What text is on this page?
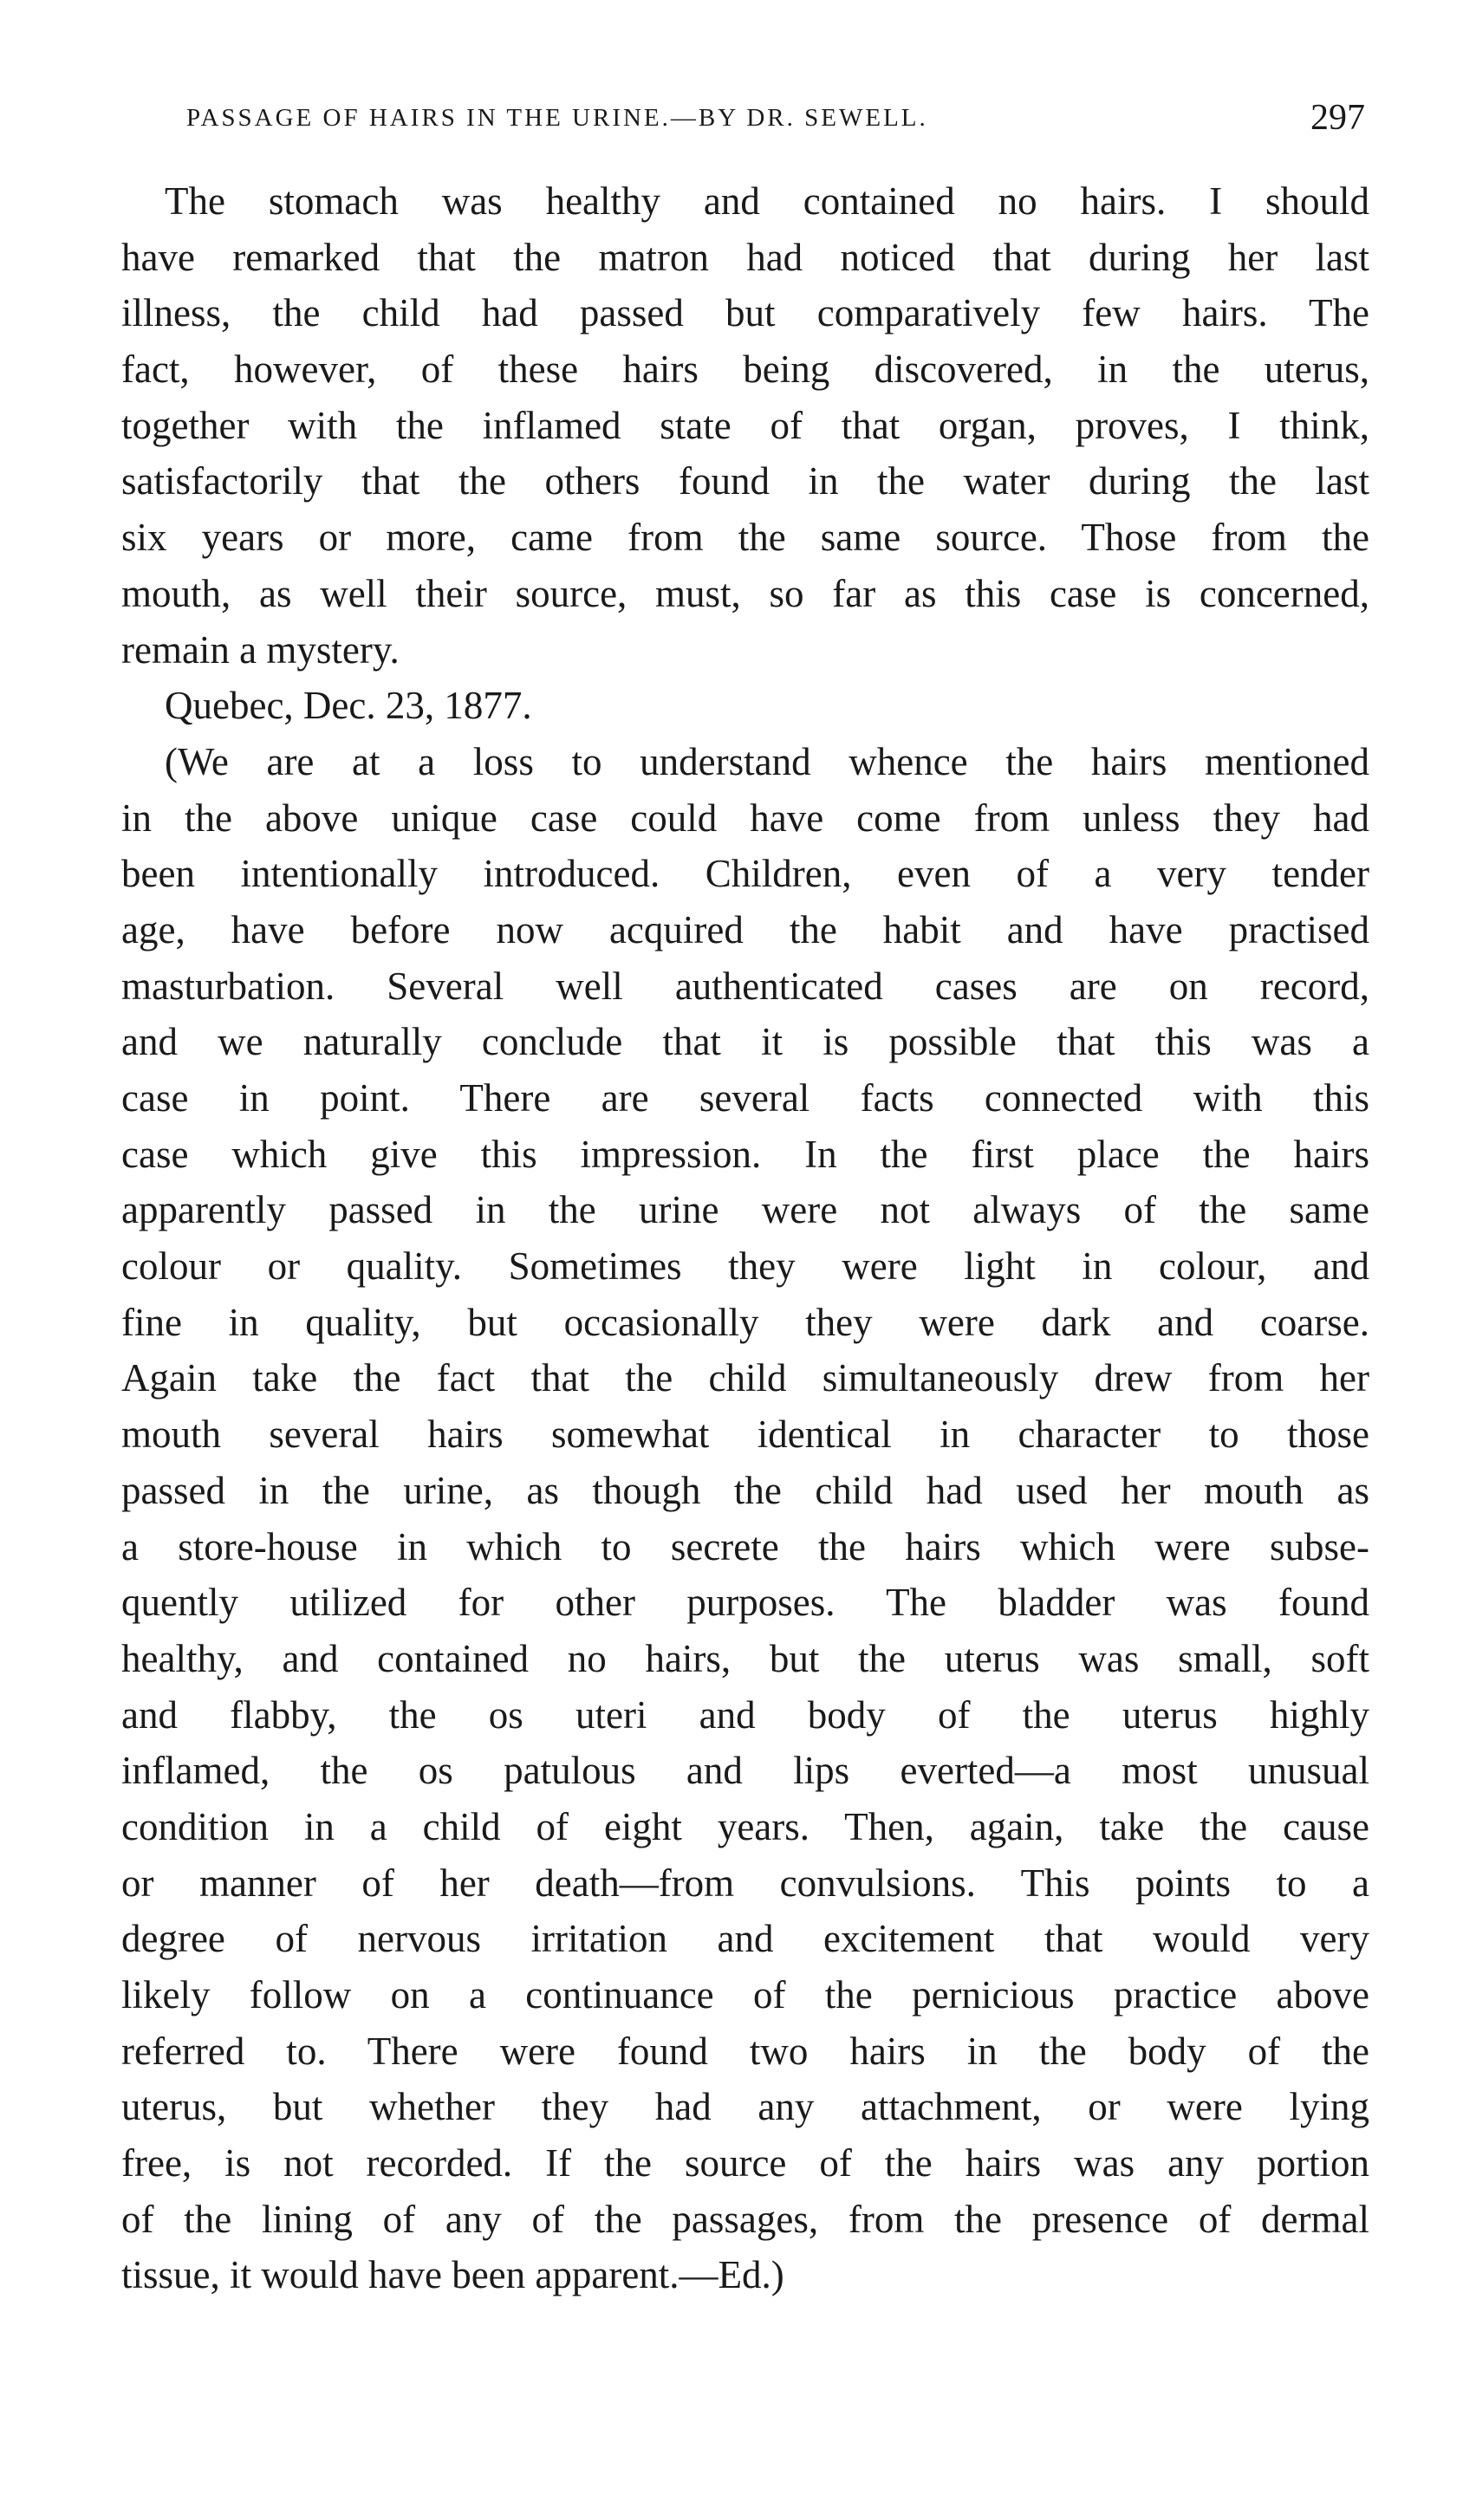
PASSAGE OF HAIRS IN THE URINE.—BY DR. SEWELL.	297
The stomach was healthy and contained no hairs. I should
have remarked that the matron had noticed that during her last
illness, the child had passed but comparatively few hairs. The
fact, however, of these hairs being discovered, in the uterus,
together with the inflamed state of that organ, proves, I think,
satisfactorily that the others found in the water during the last
six years or more, came from the same source. Those from the
mouth, as well their source, must, so far as this case is concerned,
remain a mystery.
Quebec, Dec. 23, 1877.
(We are at a loss to understand whence the hairs mentioned
in the above unique case could have come from unless they had
been intentionally introduced. Children, even of a very tender
age, have before now acquired the habit and have practised
masturbation. Several well authenticated cases are on record,
and we naturally conclude that it is possible that this was a
case in point. There are several facts connected with this
case which give this impression. In the first place the hairs
apparently passed in the urine were not always of the same
colour or quality. Sometimes they were light in colour, and
fine in quality, but occasionally they were dark and coarse.
Again take the fact that the child simultaneously drew from her
mouth several hairs somewhat identical in character to those
passed in the urine, as though the child had used her mouth as
a store-house in which to secrete the hairs which were subse-
quently utilized for other purposes. The bladder was found
healthy, and contained no hairs, but the uterus was small, soft
and flabby, the os uteri and body of the uterus highly
inflamed, the os patulous and lips everted—a most unusual
condition in a child of eight years. Then, again, take the cause
or manner of her death—from convulsions. This points to a
degree of nervous irritation and excitement that would very
likely follow on a continuance of the pernicious practice above
referred to. There were found two hairs in the body of the
uterus, but whether they had any attachment, or were lying
free, is not recorded. If the source of the hairs was any portion
of the lining of any of the passages, from the presence of dermal
tissue, it would have been apparent.—Ed.)
